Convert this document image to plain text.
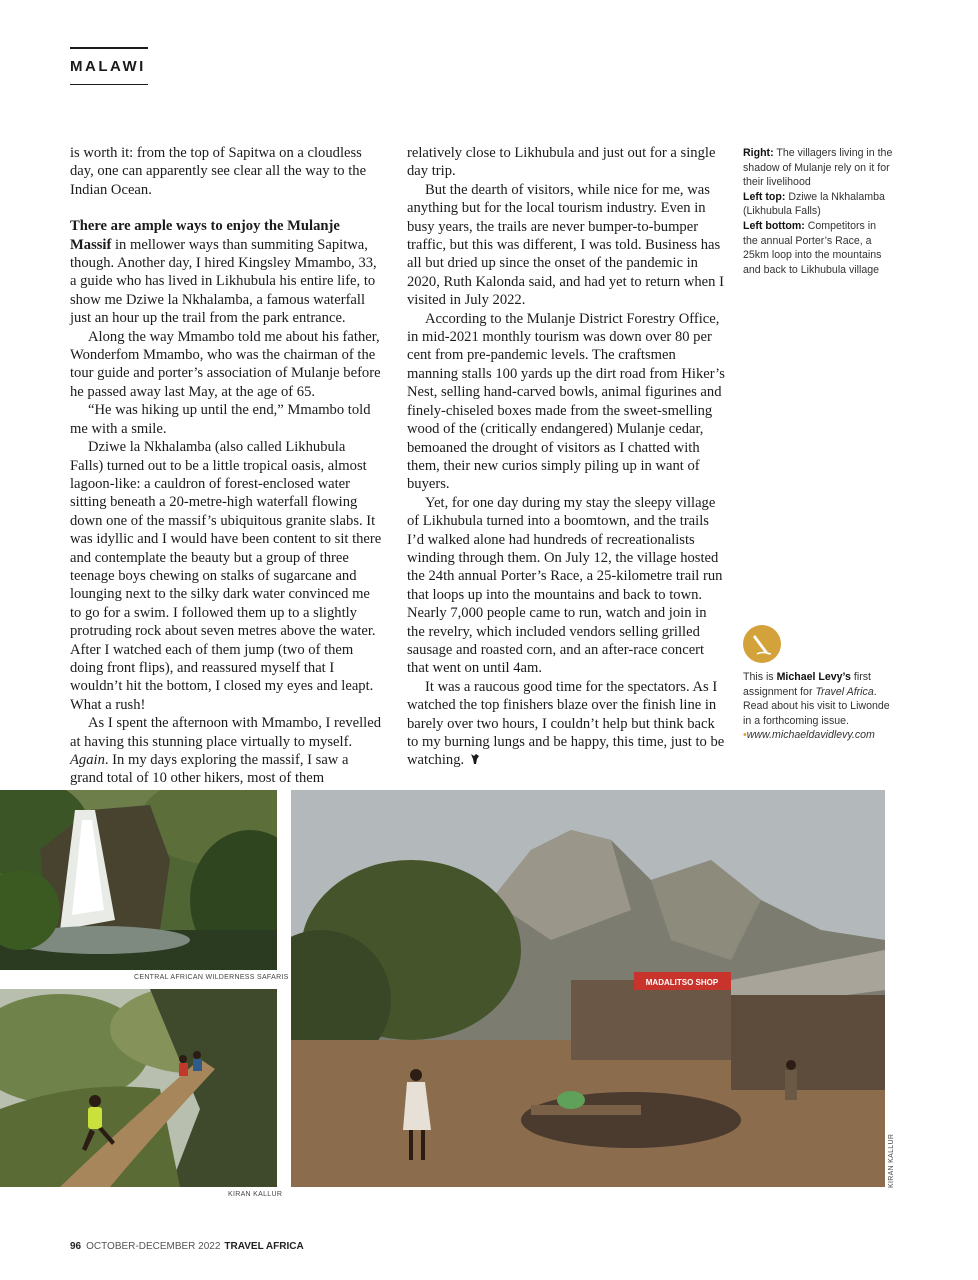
MALAWI

is worth it: from the top of Sapitwa on a cloudless day, one can apparently see clear all the way to the Indian Ocean.

There are ample ways to enjoy the Mulanje Massif in mellower ways than summiting Sapitwa, though. Another day, I hired Kingsley Mmambo, 33, a guide who has lived in Likhubula his entire life, to show me Dziwe la Nkhalamba, a famous waterfall just an hour up the trail from the park entrance.

Along the way Mmambo told me about his father, Wonderfom Mmambo, who was the chairman of the tour guide and porter’s association of Mulanje before he passed away last May, at the age of 65.

“He was hiking up until the end,” Mmambo told me with a smile.

Dziwe la Nkhalamba (also called Likhubula Falls) turned out to be a little tropical oasis, almost lagoon-like: a cauldron of forest-enclosed water sitting beneath a 20-metre-high waterfall flowing down one of the massif’s ubiquitous granite slabs. It was idyllic and I would have been content to sit there and contemplate the beauty but a group of three teenage boys chewing on stalks of sugarcane and lounging next to the silky dark water convinced me to go for a swim. I followed them up to a slightly protruding rock about seven metres above the water. After I watched each of them jump (two of them doing front flips), and reassured myself that I wouldn’t hit the bottom, I closed my eyes and leapt. What a rush!

As I spent the afternoon with Mmambo, I revelled at having this stunning place virtually to myself. Again. In my days exploring the massif, I saw a grand total of 10 other hikers, most of them

relatively close to Likhubula and just out for a single day trip.

But the dearth of visitors, while nice for me, was anything but for the local tourism industry. Even in busy years, the trails are never bumper-to-bumper traffic, but this was different, I was told. Business has all but dried up since the onset of the pandemic in 2020, Ruth Kalonda said, and had yet to return when I visited in July 2022.

According to the Mulanje District Forestry Office, in mid-2021 monthly tourism was down over 80 per cent from pre-pandemic levels. The craftsmen manning stalls 100 yards up the dirt road from Hiker’s Nest, selling hand-carved bowls, animal figurines and finely-chiseled boxes made from the sweet-smelling wood of the (critically endangered) Mulanje cedar, bemoaned the drought of visitors as I chatted with them, their new curios simply piling up in want of buyers.

Yet, for one day during my stay the sleepy village of Likhubula turned into a boomtown, and the trails I’d walked alone had hundreds of recreationalists winding through them. On July 12, the village hosted the 24th annual Porter’s Race, a 25-kilometre trail run that loops up into the mountains and back to town. Nearly 7,000 people came to run, watch and join in the revelry, which included vendors selling grilled sausage and roasted corn, and an after-race concert that went on until 4am.

It was a raucous good time for the spectators. As I watched the top finishers blaze over the finish line in barely over two hours, I couldn’t help but think back to my burning lungs and be happy, this time, just to be watching.

Right: The villagers living in the shadow of Mulanje rely on it for their livelihood
Left top: Dziwe la Nkhalamba (Likhubula Falls)
Left bottom: Competitors in the annual Porter’s Race, a 25km loop into the mountains and back to Likhubula village
This is Michael Levy’s first assignment for Travel Africa. Read about his visit to Liwonde in a forthcoming issue.
•www.michaeldavidlevy.com
CENTRAL AFRICAN WILDERNESS SAFARIS
KIRAN KALLUR
MADALITSO SHOP
KIRAN KALLUR
96 OCTOBER-DECEMBER 2022 TRAVEL AFRICA
